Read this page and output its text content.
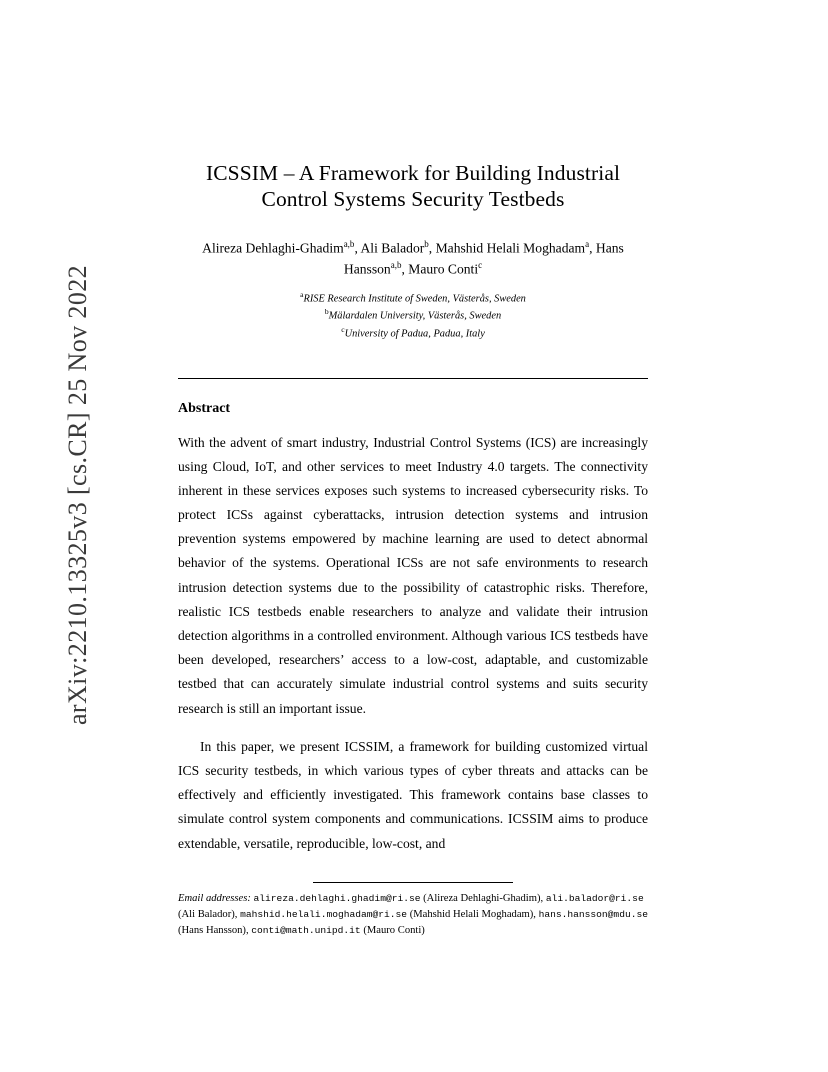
arXiv:2210.13325v3 [cs.CR] 25 Nov 2022
ICSSIM – A Framework for Building Industrial Control Systems Security Testbeds
Alireza Dehlaghi-Ghadim$^{a,b}$, Ali Balador$^b$, Mahshid Helali Moghadam$^a$, Hans
Hansson$^{a,b}$, Mauro Conti$^c$
$^a$RISE Research Institute of Sweden, Västerås, Sweden
$^b$Mälardalen University, Västerås, Sweden
$^c$University of Padua, Padua, Italy
Abstract

With the advent of smart industry, Industrial Control Systems (ICS) are increasingly using Cloud, IoT, and other services to meet Industry 4.0 targets. The connectivity inherent in these services exposes such systems to increased cybersecurity risks. To protect ICSs against cyberattacks, intrusion detection systems and intrusion prevention systems empowered by machine learning are used to detect abnormal behavior of the systems. Operational ICSs are not safe environments to research intrusion detection systems due to the possibility of catastrophic risks. Therefore, realistic ICS testbeds enable researchers to analyze and validate their intrusion detection algorithms in a controlled environment. Although various ICS testbeds have been developed, researchers’ access to a low-cost, adaptable, and customizable testbed that can accurately simulate industrial control systems and suits security research is still an important issue.

In this paper, we present ICSSIM, a framework for building customized virtual ICS security testbeds, in which various types of cyber threats and attacks can be effectively and efficiently investigated. This framework contains base classes to simulate control system components and communications. ICSSIM aims to produce extendable, versatile, reproducible, low-cost, and

Email addresses: alireza.dehlaghi.ghadim@ri.se (Alireza Dehlaghi-Ghadim), ali.balador@ri.se (Ali Balador), mahshid.helali.moghadam@ri.se (Mahshid Helali Moghadam), hans.hansson@mdu.se (Hans Hansson), conti@math.unipd.it (Mauro Conti)
